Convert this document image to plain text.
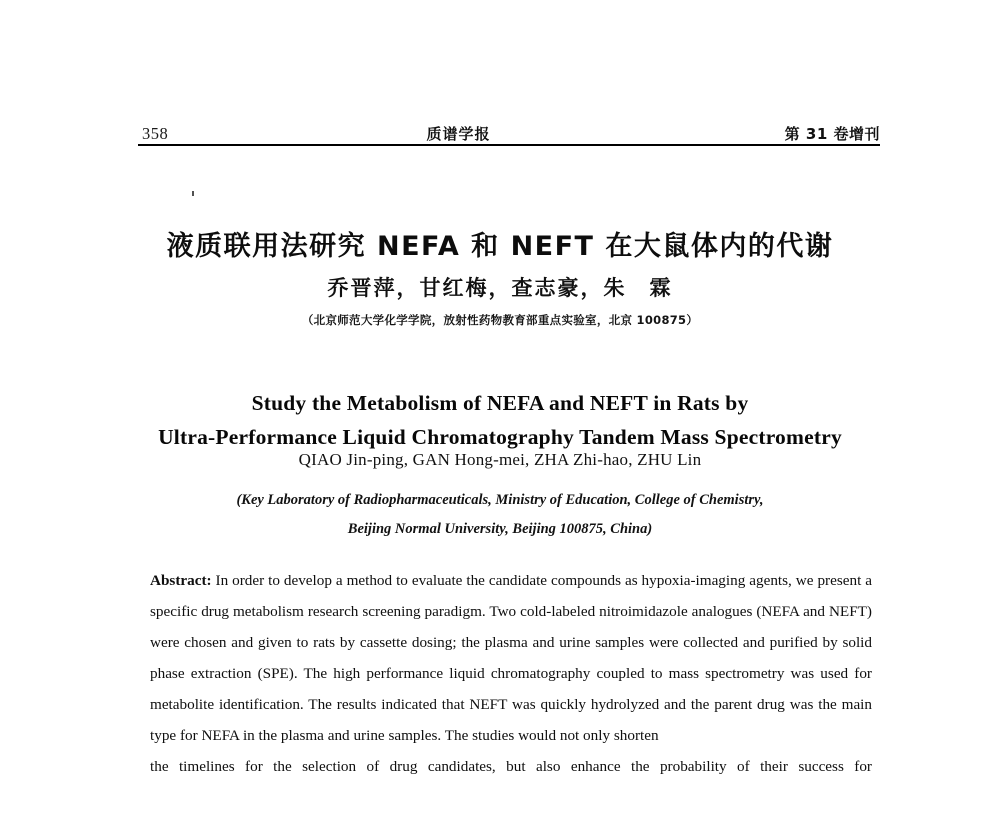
358	质谱学报	第 31 卷增刊
液质联用法研究 NEFA 和 NEFT 在大鼠体内的代谢
乔晋萍，甘红梅，查志豪，朱　霖
（北京师范大学化学学院，放射性药物教育部重点实验室，北京 100875）
Study the Metabolism of NEFA and NEFT in Rats by
Ultra-Performance Liquid Chromatography Tandem Mass Spectrometry
QIAO Jin-ping, GAN Hong-mei, ZHA Zhi-hao, ZHU Lin
(Key Laboratory of Radiopharmaceuticals, Ministry of Education, College of Chemistry,
Beijing Normal University, Beijing 100875, China)

Abstract: In order to develop a method to evaluate the candidate compounds as hypoxia-imaging agents, we present a specific drug metabolism research screening paradigm. Two cold-labeled nitroimidazole analogues (NEFA and NEFT) were chosen and given to rats by cassette dosing; the plasma and urine samples were collected and purified by solid phase extraction (SPE). The high performance liquid chromatography coupled to mass spectrometry was used for metabolite identification. The results indicated that NEFT was quickly hydrolyzed and the parent drug was the main type for NEFA in the plasma and urine samples. The studies would not only shorten
the timelines for the selection of drug candidates, but also enhance the probability of their success for
